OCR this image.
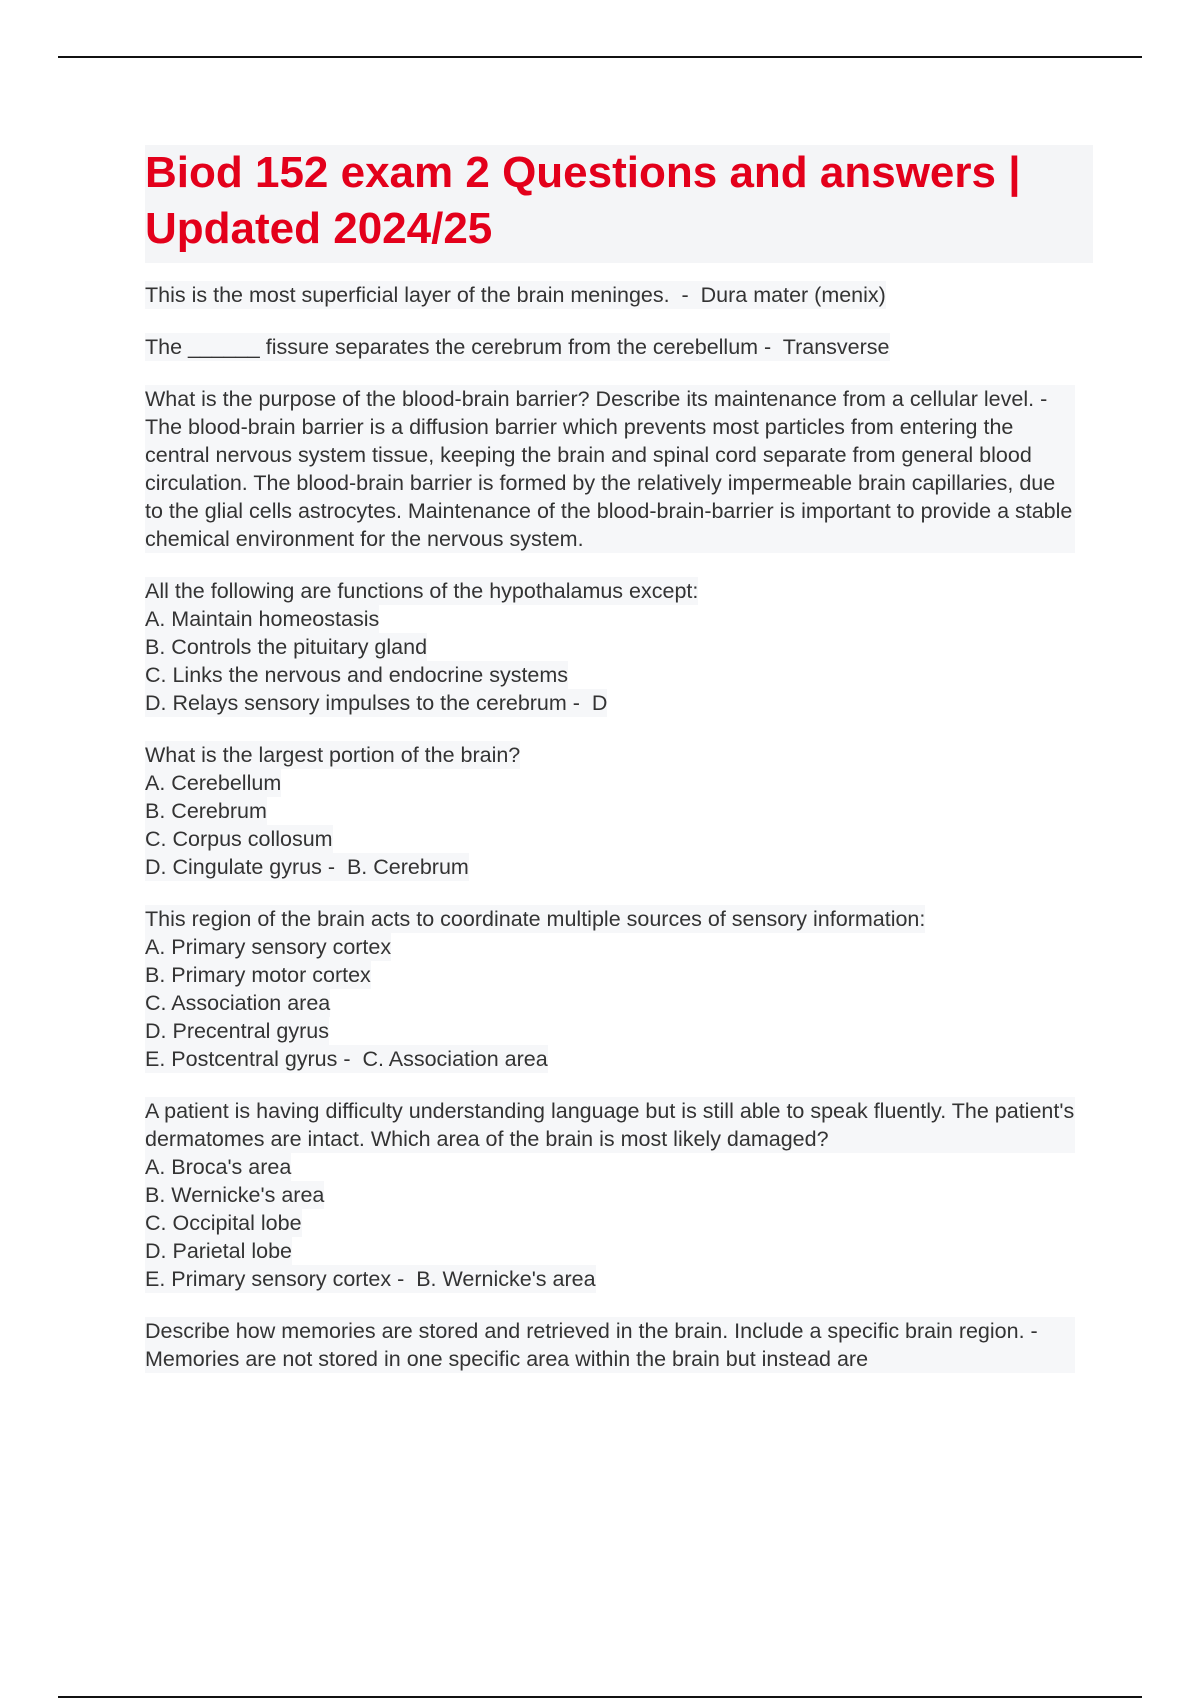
Biod 152 exam 2 Questions and answers | Updated 2024/25
This is the most superficial layer of the brain meninges.  -  Dura mater (menix)
The ______ fissure separates the cerebrum from the cerebellum -  Transverse
What is the purpose of the blood-brain barrier? Describe its maintenance from a cellular level. - The blood-brain barrier is a diffusion barrier which prevents most particles from entering the central nervous system tissue, keeping the brain and spinal cord separate from general blood circulation. The blood-brain barrier is formed by the relatively impermeable brain capillaries, due to the glial cells astrocytes. Maintenance of the blood-brain-barrier is important to provide a stable chemical environment for the nervous system.
All the following are functions of the hypothalamus except:
A. Maintain homeostasis
B. Controls the pituitary gland
C. Links the nervous and endocrine systems
D. Relays sensory impulses to the cerebrum -  D
What is the largest portion of the brain?
A. Cerebellum
B. Cerebrum
C. Corpus collosum
D. Cingulate gyrus -  B. Cerebrum
This region of the brain acts to coordinate multiple sources of sensory information:
A. Primary sensory cortex
B. Primary motor cortex
C. Association area
D. Precentral gyrus
E. Postcentral gyrus -  C. Association area
A patient is having difficulty understanding language but is still able to speak fluently. The patient's dermatomes are intact. Which area of the brain is most likely damaged?
A. Broca's area
B. Wernicke's area
C. Occipital lobe
D. Parietal lobe
E. Primary sensory cortex -  B. Wernicke's area
Describe how memories are stored and retrieved in the brain. Include a specific brain region. - Memories are not stored in one specific area within the brain but instead are
